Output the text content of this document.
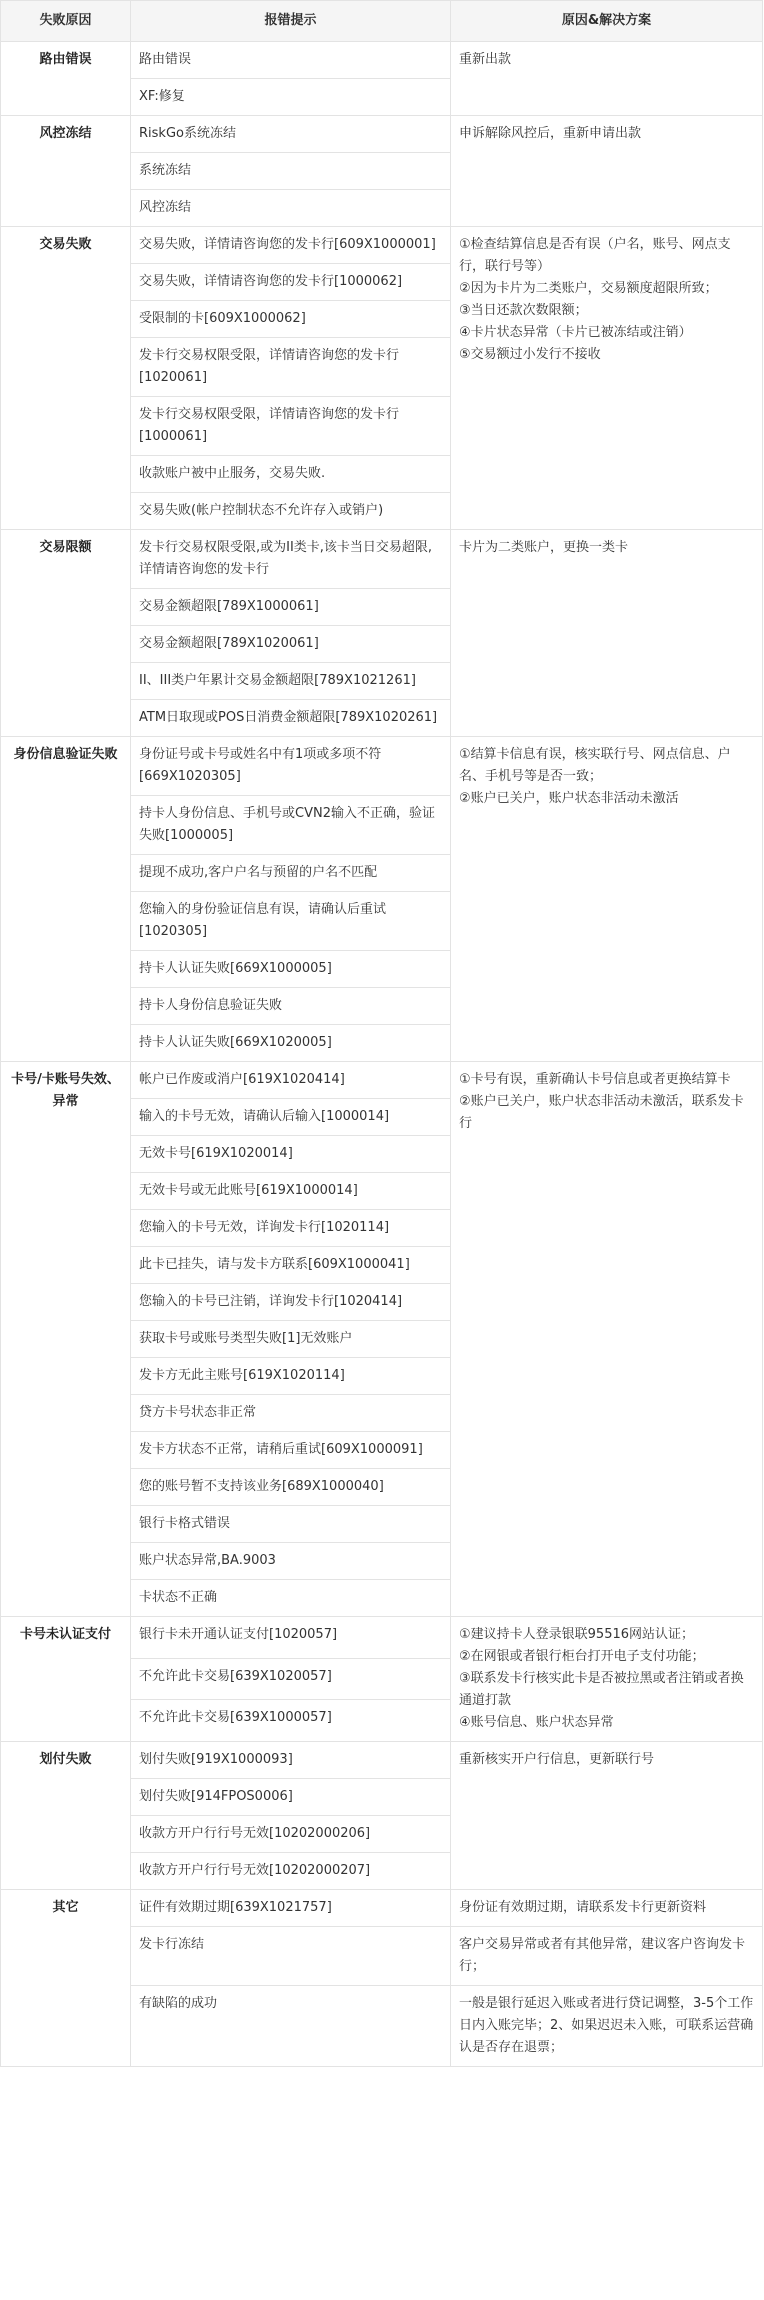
失败原因	报错提示	原因&解决方案
路由错误	路由错误	重新出款

	XF:修复	
风控冻结	RiskGo系统冻结	申诉解除风控后，重新申请出款

	系统冻结	
	风控冻结	
交易失败	交易失败，详情请咨询您的发卡行[609X1000001]	①检查结算信息是否有误（户名，账号、网点支行，联行号等）
②因为卡片为二类账户，交易额度超限所致；
③当日还款次数限额；
④卡片状态异常（卡片已被冻结或注销）
⑤交易额过小发行不接收

	交易失败，详情请咨询您的发卡行[1000062]	
	受限制的卡[609X1000062]	
	发卡行交易权限受限，详情请咨询您的发卡行[1020061]	
	发卡行交易权限受限，详情请咨询您的发卡行[1000061]	
	收款账户被中止服务，交易失败.	
	交易失败(帐户控制状态不允许存入或销户)	
交易限额	发卡行交易权限受限,或为II类卡,该卡当日交易超限,详情请咨询您的发卡行	卡片为二类账户，更换一类卡

	交易金额超限[789X1000061]	
	交易金额超限[789X1020061]	
	II、III类户年累计交易金额超限[789X1021261]	
	ATM日取现或POS日消费金额超限[789X1020261]	
身份信息验证失败	身份证号或卡号或姓名中有1项或多项不符[669X1020305]	①结算卡信息有误，核实联行号、网点信息、户名、手机号等是否一致；
②账户已关户，账户状态非活动未激活

	持卡人身份信息、手机号或CVN2输入不正确，验证失败[1000005]	
	提现不成功,客户户名与预留的户名不匹配	
	您输入的身份验证信息有误，请确认后重试[1020305]	
	持卡人认证失败[669X1000005]	
	持卡人身份信息验证失败	
	持卡人认证失败[669X1020005]	
卡号/卡账号失效、异常	帐户已作废或消户[619X1020414]	①卡号有误，重新确认卡号信息或者更换结算卡
②账户已关户，账户状态非活动未激活，联系发卡行

	输入的卡号无效，请确认后输入[1000014]	
	无效卡号[619X1020014]	
	无效卡号或无此账号[619X1000014]	
	您输入的卡号无效，详询发卡行[1020114]	
	此卡已挂失，请与发卡方联系[609X1000041]	
	您输入的卡号已注销，详询发卡行[1020414]	
	获取卡号或账号类型失败[1]无效账户	
	发卡方无此主账号[619X1020114]	
	贷方卡号状态非正常	
	发卡方状态不正常，请稍后重试[609X1000091]	
	您的账号暂不支持该业务[689X1000040]	
	银行卡格式错误	
	账户状态异常,BA.9003	
	卡状态不正确	
卡号未认证支付	银行卡未开通认证支付[1020057]	①建议持卡人登录银联95516网站认证；
②在网银或者银行柜台打开电子支付功能；
③联系发卡行核实此卡是否被拉黑或者注销或者换通道打款
④账号信息、账户状态异常

	不允许此卡交易[639X1020057]	
	不允许此卡交易[639X1000057]	
划付失败	划付失败[919X1000093]	重新核实开户行信息，更新联行号

	划付失败[914FPOS0006]	
	收款方开户行行号无效[10202000206]	
	收款方开户行行号无效[10202000207]	
其它	证件有效期过期[639X1021757]	身份证有效期过期，请联系发卡行更新资料
	发卡行冻结	客户交易异常或者有其他异常，建议客户咨询发卡行；
	有缺陷的成功	一般是银行延迟入账或者进行贷记调整，3-5个工作日内入账完毕；2、如果迟迟未入账，可联系运营确认是否存在退票；
